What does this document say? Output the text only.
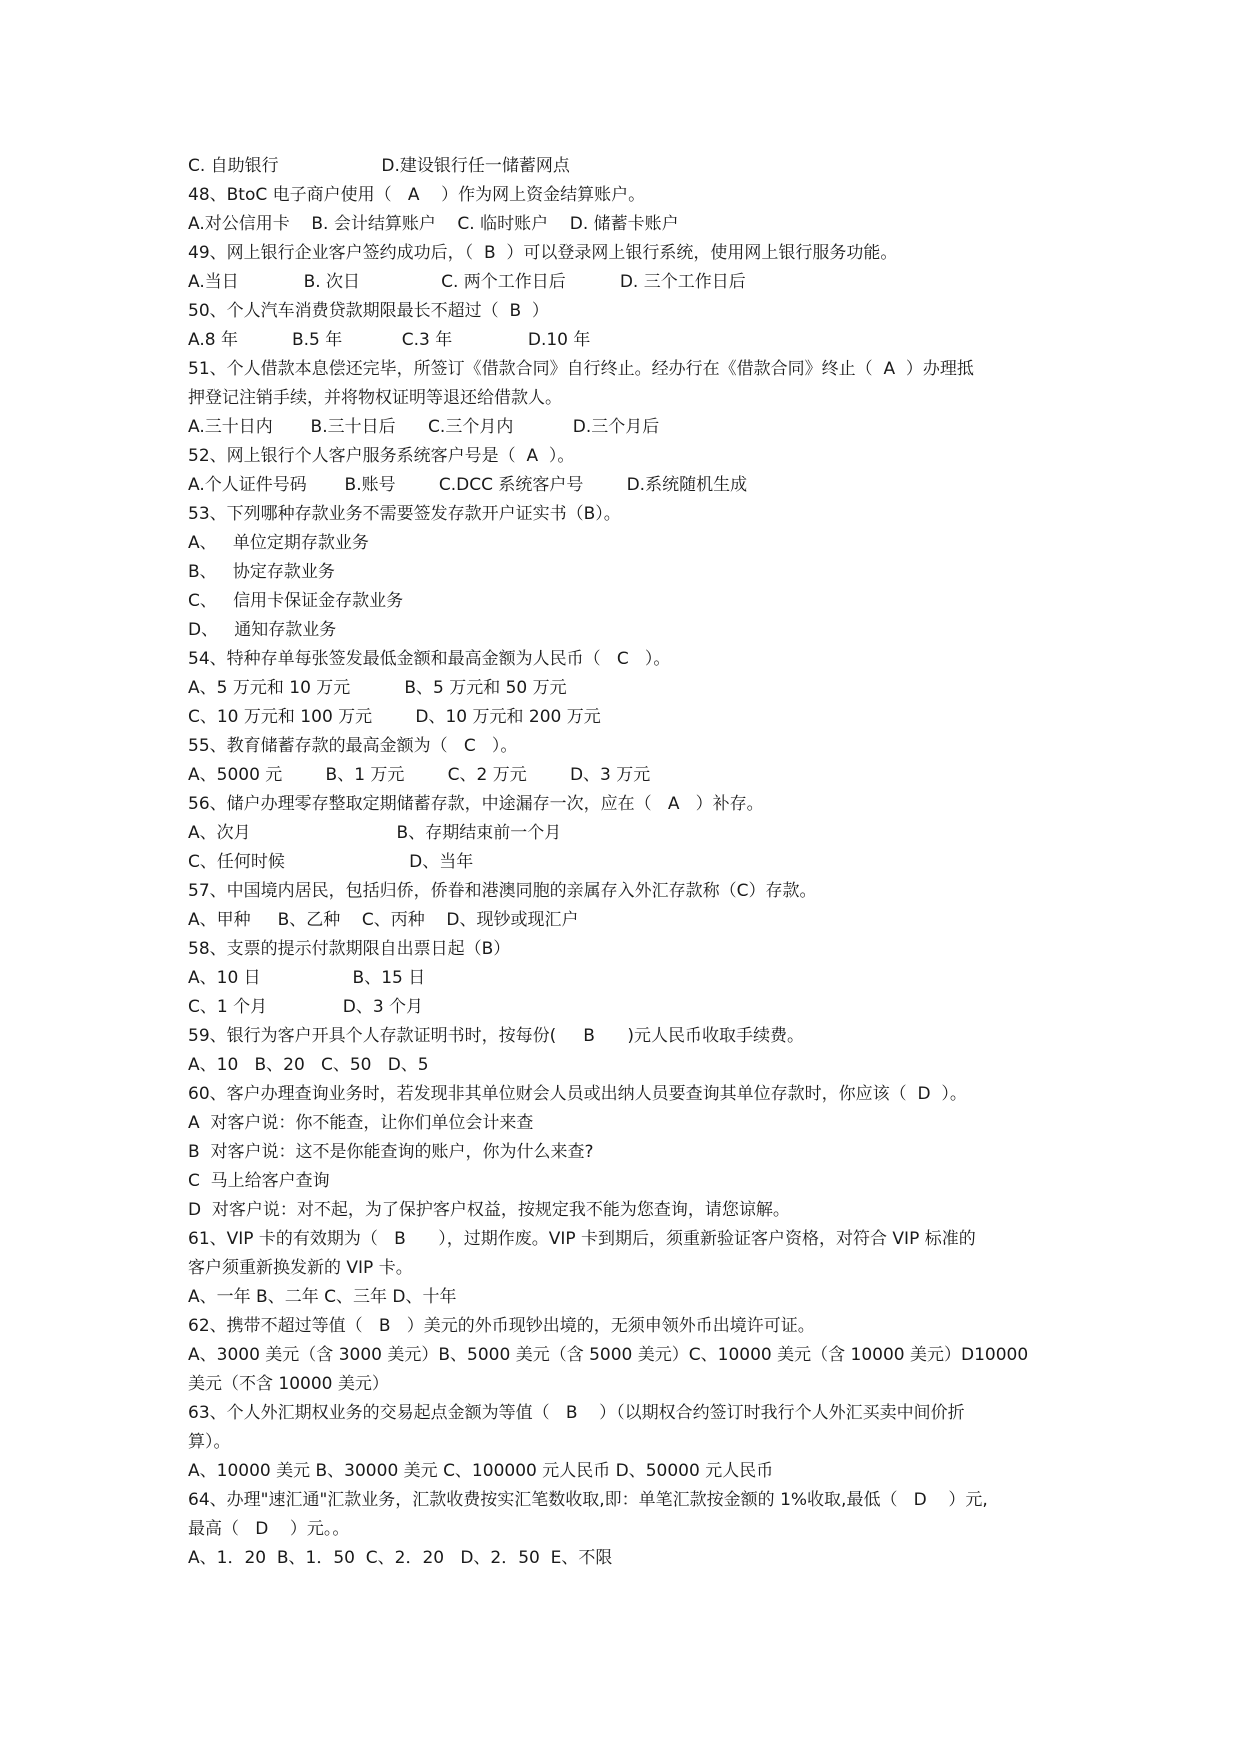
C. 自助银行                   D.建设银行任一储蓄网点
48、BtoC 电子商户使用（   A    ）作为网上资金结算账户。
A.对公信用卡    B. 会计结算账户    C. 临时账户    D. 储蓄卡账户
49、网上银行企业客户签约成功后，（  B  ）可以登录网上银行系统，使用网上银行服务功能。
A.当日            B. 次日               C. 两个工作日后          D. 三个工作日后
50、个人汽车消费贷款期限最长不超过（  B  ）
A.8 年          B.5 年           C.3 年              D.10 年
51、个人借款本息偿还完毕，所签订《借款合同》自行终止。经办行在《借款合同》终止（  A  ）办理抵
押登记注销手续，并将物权证明等退还给借款人。
A.三十日内       B.三十日后      C.三个月内           D.三个月后
52、网上银行个人客户服务系统客户号是（  A  ）。
A.个人证件号码       B.账号        C.DCC 系统客户号        D.系统随机生成
53、下列哪种存款业务不需要签发存款开户证实书（B）。
A、   单位定期存款业务
B、   协定存款业务
C、   信用卡保证金存款业务
D、   通知存款业务
54、特种存单每张签发最低金额和最高金额为人民币（   C   ）。
A、5 万元和 10 万元          B、5 万元和 50 万元
C、10 万元和 100 万元        D、10 万元和 200 万元
55、教育储蓄存款的最高金额为（   C   ）。
A、5000 元        B、1 万元        C、2 万元        D、3 万元
56、储户办理零存整取定期储蓄存款，中途漏存一次，应在（   A   ）补存。
A、次月                           B、存期结束前一个月
C、任何时候                       D、当年
57、中国境内居民，包括归侨，侨眷和港澳同胞的亲属存入外汇存款称（C）存款。
A、甲种     B、乙种    C、丙种    D、现钞或现汇户
58、支票的提示付款期限自出票日起（B）
A、10 日                 B、15 日
C、1 个月              D、3 个月
59、银行为客户开具个人存款证明书时，按每份(     B      )元人民币收取手续费。
A、10   B、20   C、50   D、5
60、客户办理查询业务时，若发现非其单位财会人员或出纳人员要查询其单位存款时，你应该（  D  ）。
A  对客户说：你不能查，让你们单位会计来查
B  对客户说：这不是你能查询的账户，你为什么来查?
C  马上给客户查询
D  对客户说：对不起，为了保护客户权益，按规定我不能为您查询，请您谅解。
61、VIP 卡的有效期为（   B      ），过期作废。VIP 卡到期后，须重新验证客户资格，对符合 VIP 标准的
客户须重新换发新的 VIP 卡。
A、一年 B、二年 C、三年 D、十年
62、携带不超过等值（   B   ）美元的外币现钞出境的，无须申领外币出境许可证。
A、3000 美元（含 3000 美元）B、5000 美元（含 5000 美元）C、10000 美元（含 10000 美元）D10000
美元（不含 10000 美元）
63、个人外汇期权业务的交易起点金额为等值（   B    ）（以期权合约签订时我行个人外汇买卖中间价折
算）。
A、10000 美元 B、30000 美元 C、100000 元人民币 D、50000 元人民币
64、办理"速汇通"汇款业务，汇款收费按实汇笔数收取,即：单笔汇款按金额的 1%收取,最低（   D    ）元,
最高（   D    ）元。。
A、1．20  B、1．50  C、2．20   D、2．50  E、不限
